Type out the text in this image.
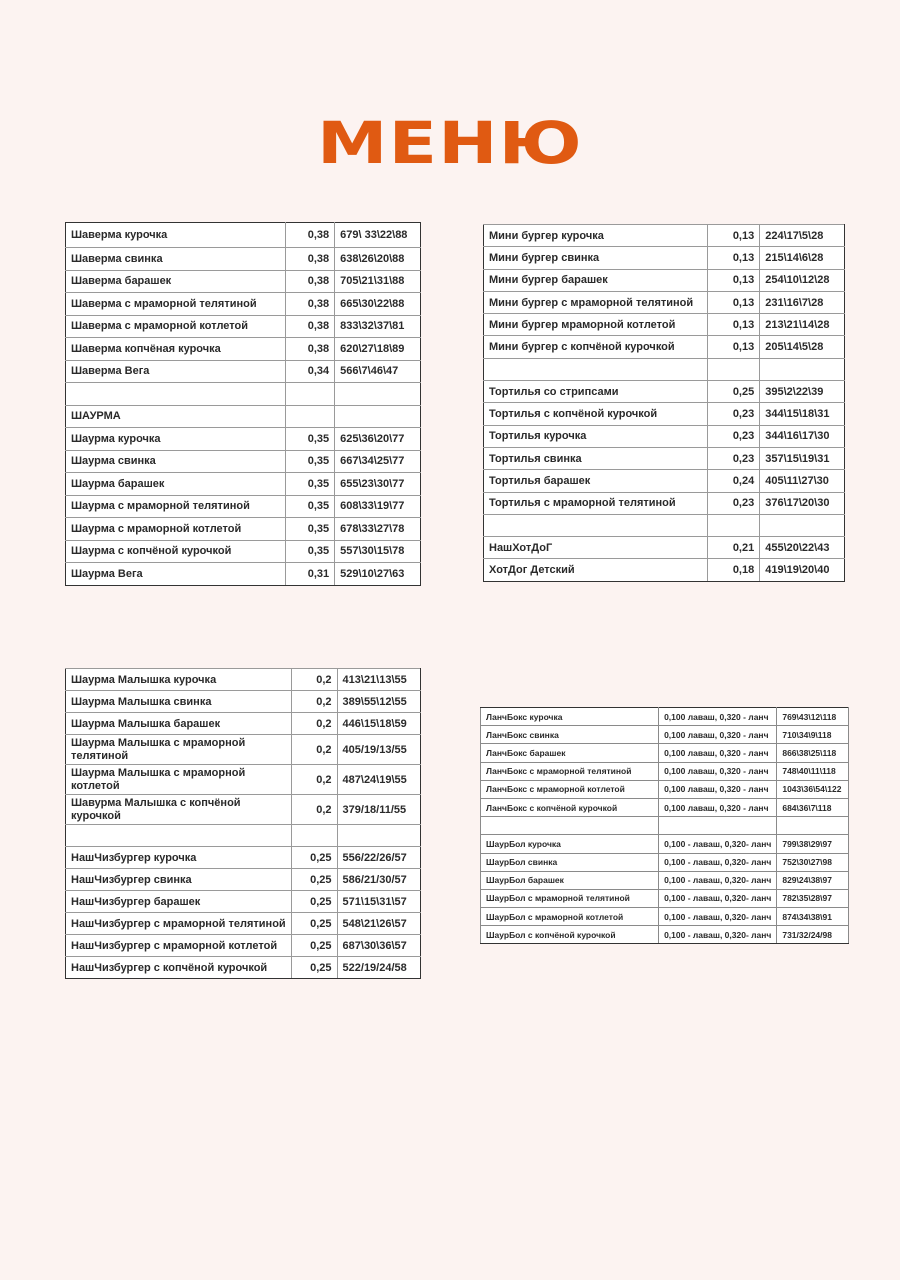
МЕНЮ
Шаверма курочка	0,38	679\ 33\22\88
Шаверма свинка	0,38	638\26\20\88
Шаверма барашек	0,38	705\21\31\88
Шаверма с мраморной телятиной	0,38	665\30\22\88
Шаверма с мраморной котлетой	0,38	833\32\37\81
Шаверма копчёная курочка	0,38	620\27\18\89
Шаверма Вега	0,34	566\7\46\47

ШАУРМА		
Шаурма курочка	0,35	625\36\20\77
Шаурма свинка	0,35	667\34\25\77
Шаурма барашек	0,35	655\23\30\77
Шаурма с мраморной телятиной	0,35	608\33\19\77
Шаурма с мраморной котлетой	0,35	678\33\27\78
Шаурма с копчёной курочкой	0,35	557\30\15\78
Шаурма Вега	0,31	529\10\27\63
Мини бургер курочка	0,13	224\17\5\28
Мини бургер свинка	0,13	215\14\6\28
Мини бургер барашек	0,13	254\10\12\28
Мини бургер с мраморной телятиной	0,13	231\16\7\28
Мини бургер мраморной котлетой	0,13	213\21\14\28
Мини бургер с копчёной курочкой	0,13	205\14\5\28

Тортилья со стрипсами	0,25	395\2\22\39
Тортилья с копчёной курочкой	0,23	344\15\18\31
Тортилья курочка	0,23	344\16\17\30
Тортилья свинка	0,23	357\15\19\31
Тортилья барашек	0,24	405\11\27\30
Тортилья с мраморной телятиной	0,23	376\17\20\30

НашХотДоГ	0,21	455\20\22\43
ХотДог Детский	0,18	419\19\20\40
Шаурма Малышка курочка	0,2	413\21\13\55
Шаурма Малышка свинка	0,2	389\55\12\55
Шаурма Малышка барашек	0,2	446\15\18\59
Шаурма Малышка с мраморной телятиной	0,2	405/19/13/55
Шаурма Малышка с мраморной котлетой	0,2	487\24\19\55
Шавурма Малышка с копчёной курочкой	0,2	379/18/11/55

НашЧизбургер курочка	0,25	556/22/26/57
НашЧизбургер свинка	0,25	586/21/30/57
НашЧизбургер барашек	0,25	571\15\31\57
НашЧизбургер с мраморной телятиной	0,25	548\21\26\57
НашЧизбургер с мраморной котлетой	0,25	687\30\36\57
НашЧизбургер с копчёной курочкой	0,25	522/19/24/58
ЛанчБокс курочка	0,100 лаваш, 0,320 - ланч	769\43\12\118
ЛанчБокс свинка	0,100 лаваш, 0,320 - ланч	710\34\9\118
ЛанчБокс барашек	0,100 лаваш, 0,320 - ланч	866\38\25\118
ЛанчБокс с мраморной телятиной	0,100 лаваш, 0,320 - ланч	748\40\11\118
ЛанчБокс с мраморной котлетой	0,100 лаваш, 0,320 - ланч	1043\36\54\122
ЛанчБокс с копчёной курочкой	0,100 лаваш, 0,320 - ланч	684\36\7\118

ШаурБол курочка	0,100 - лаваш, 0,320- ланч	799\38\29\97
ШаурБол свинка	0,100 - лаваш, 0,320- ланч	752\30\27\98
ШаурБол барашек	0,100 - лаваш, 0,320- ланч	829\24\38\97
ШаурБол с мраморной телятиной	0,100 - лаваш, 0,320- ланч	782\35\28\97
ШаурБол с мраморной котлетой	0,100 - лаваш, 0,320- ланч	874\34\38\91
ШаурБол с копчёной курочкой	0,100 - лаваш, 0,320- ланч	731/32/24/98
